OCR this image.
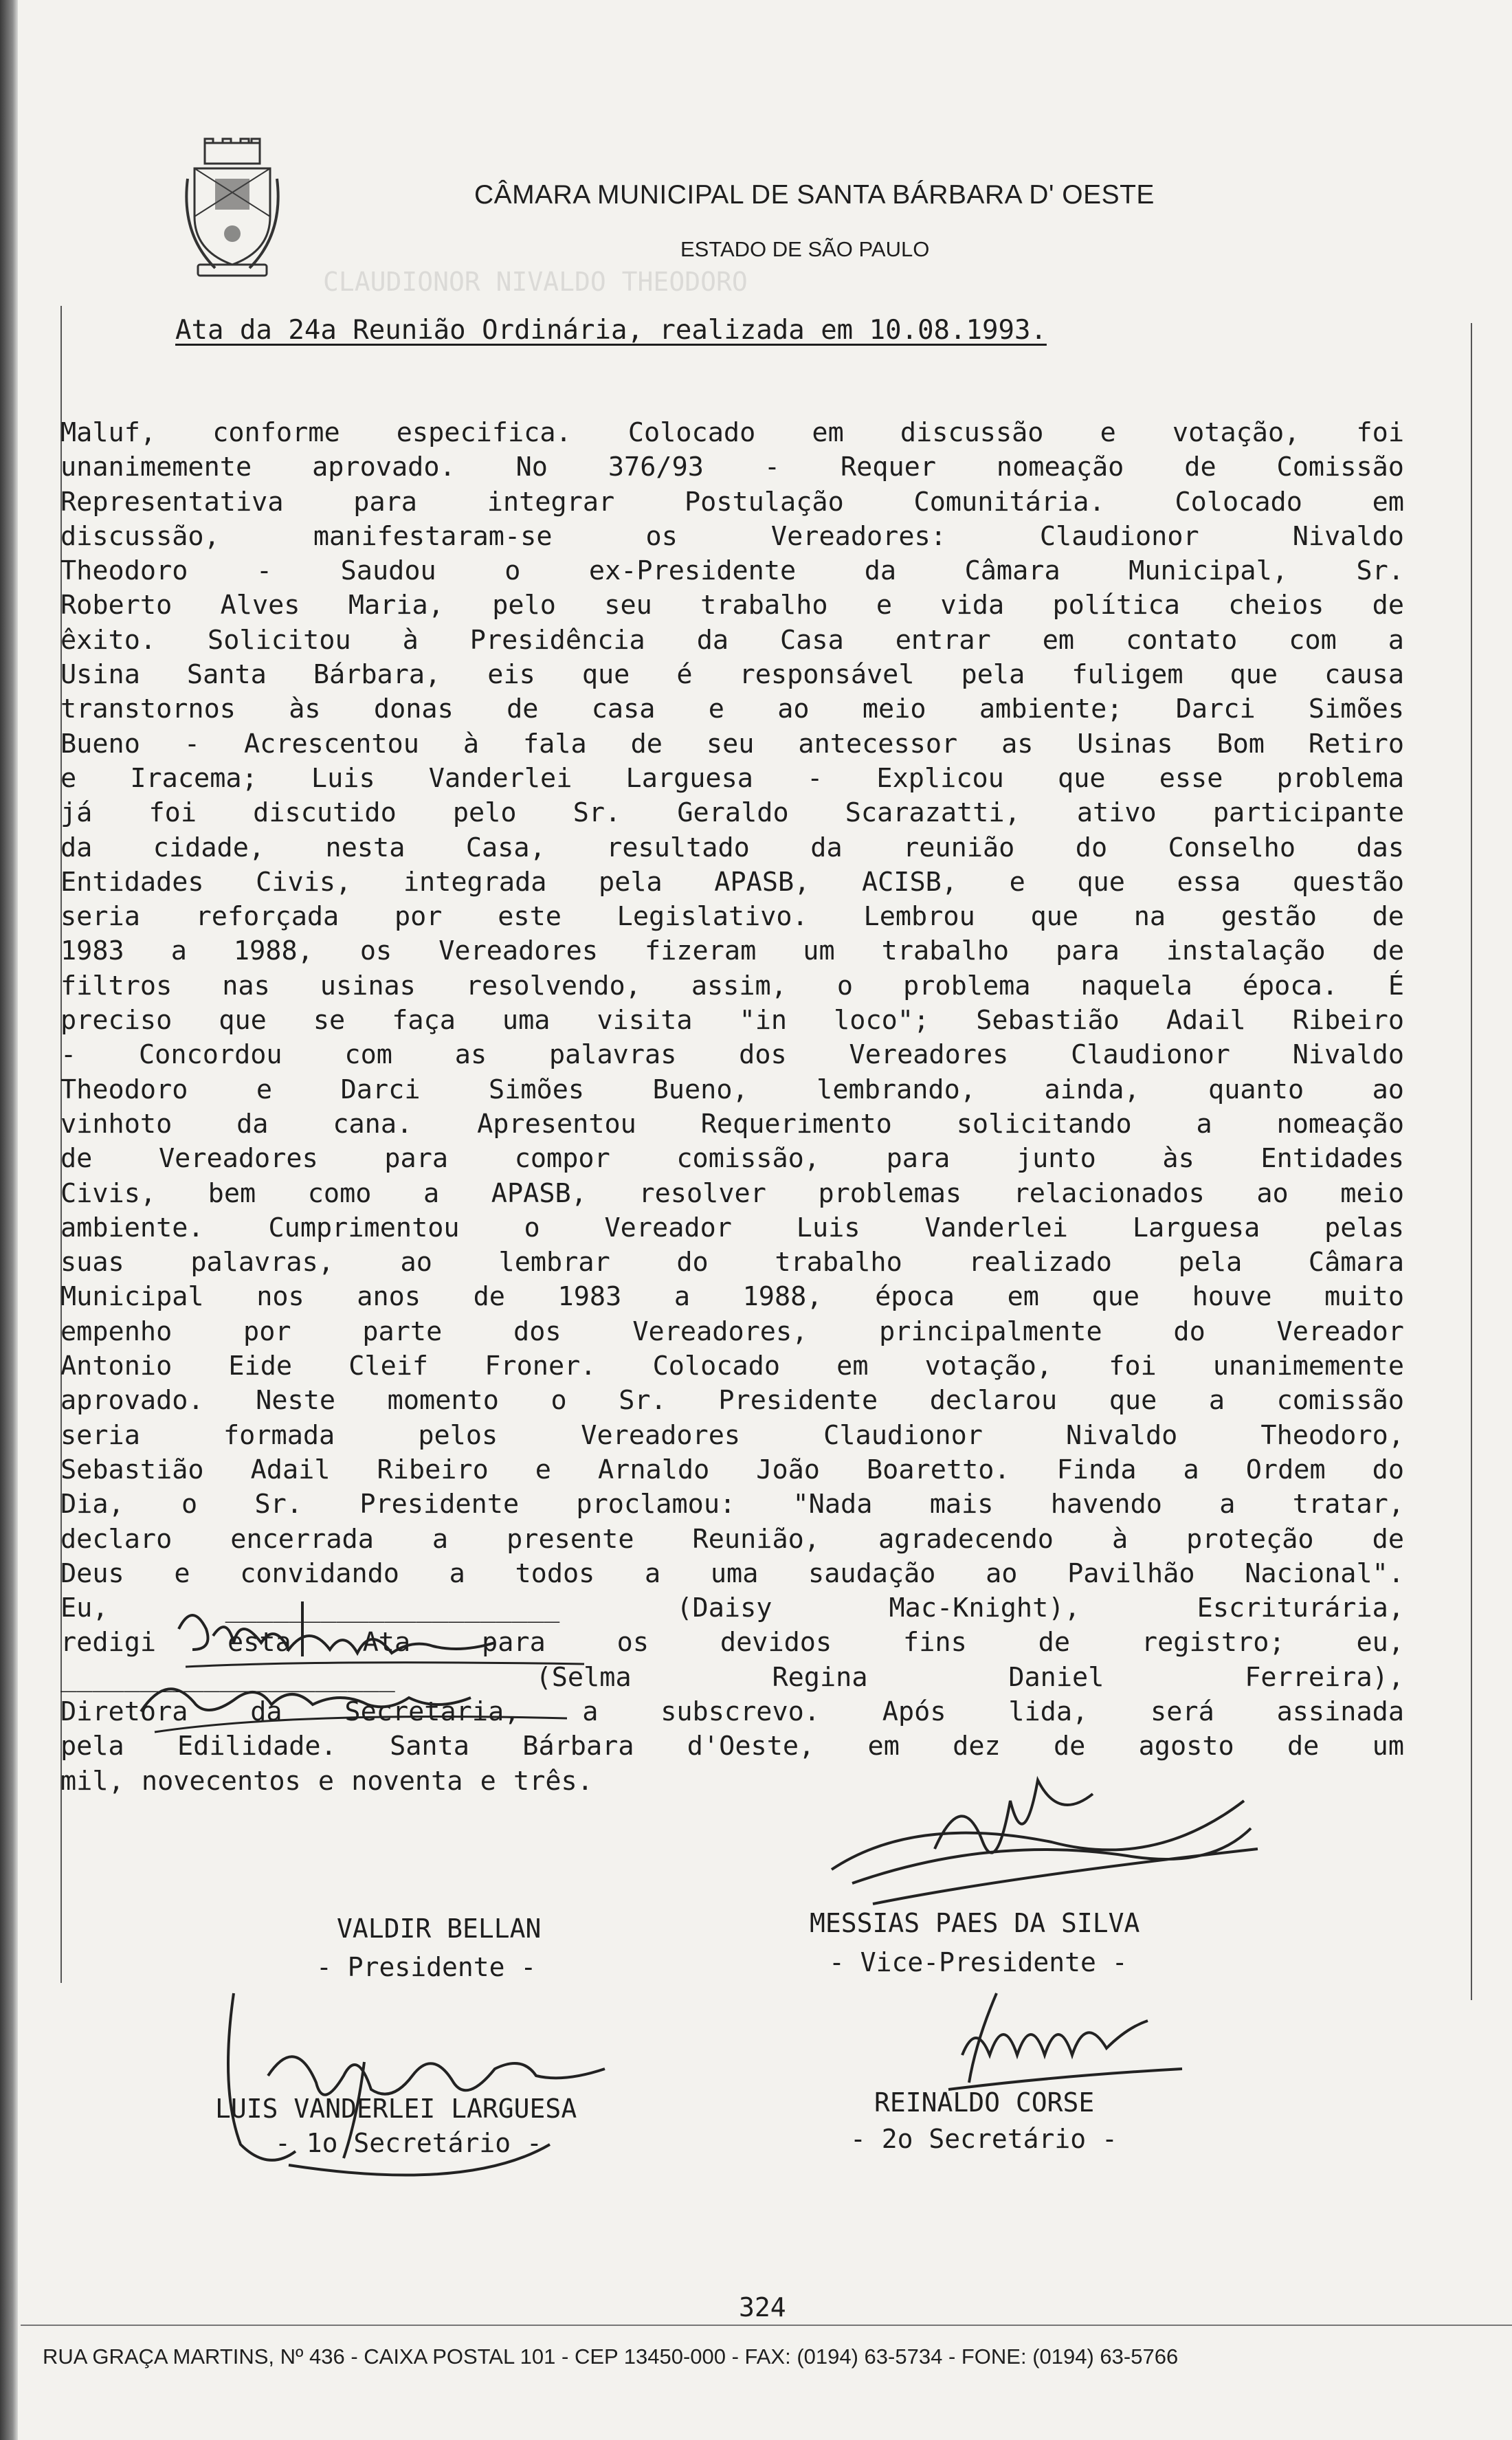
CÂMARA MUNICIPAL DE SANTA BÁRBARA D' OESTE
ESTADO DE SÃO PAULO
Ata da 24a Reunião Ordinária, realizada em 10.08.1993.
CLAUDIONOR NIVALDO THEODORO
Maluf, conforme especifica. Colocado em discussão e votação, foi
unanimemente aprovado. No 376/93 - Requer nomeação de Comissão
Representativa para integrar Postulação Comunitária. Colocado em
discussão, manifestaram-se os Vereadores: Claudionor Nivaldo
Theodoro - Saudou o ex-Presidente da Câmara Municipal, Sr.
Roberto Alves Maria, pelo seu trabalho e vida política cheios de
êxito. Solicitou à Presidência da Casa entrar em contato com a
Usina Santa Bárbara, eis que é responsável pela fuligem que causa
transtornos às donas de casa e ao meio ambiente; Darci Simões
Bueno - Acrescentou à fala de seu antecessor as Usinas Bom Retiro
e Iracema; Luis Vanderlei Larguesa - Explicou que esse problema
já foi discutido pelo Sr. Geraldo Scarazatti, ativo participante
da cidade, nesta Casa, resultado da reunião do Conselho das
Entidades Civis, integrada pela APASB, ACISB, e que essa questão
seria reforçada por este Legislativo. Lembrou que na gestão de
1983 a 1988, os Vereadores fizeram um trabalho para instalação de
filtros nas usinas resolvendo, assim, o problema naquela época. É
preciso que se faça uma visita "in loco"; Sebastião Adail Ribeiro
- Concordou com as palavras dos Vereadores Claudionor Nivaldo
Theodoro e Darci Simões Bueno, lembrando, ainda, quanto ao
vinhoto da cana. Apresentou Requerimento solicitando a nomeação
de Vereadores para compor comissão, para junto às Entidades
Civis, bem como a APASB, resolver problemas relacionados ao meio
ambiente. Cumprimentou o Vereador Luis Vanderlei Larguesa pelas
suas palavras, ao lembrar do trabalho realizado pela Câmara
Municipal nos anos de 1983 a 1988, época em que houve muito
empenho por parte dos Vereadores, principalmente do Vereador
Antonio Eide Cleif Froner. Colocado em votação, foi unanimemente
aprovado. Neste momento o Sr. Presidente declarou que a comissão
seria formada pelos Vereadores Claudionor Nivaldo Theodoro,
Sebastião Adail Ribeiro e Arnaldo João Boaretto. Finda a Ordem do
Dia, o Sr. Presidente proclamou: "Nada mais havendo a tratar,
declaro encerrada a presente Reunião, agradecendo à proteção de
Deus e convidando a todos a uma saudação ao Pavilhão Nacional".
Eu, _____________________ (Daisy Mac-Knight), Escriturária,
redigi esta Ata para os devidos fins de registro; eu,
_____________________ (Selma Regina Daniel Ferreira),
Diretora da Secretaria, a subscrevo. Após lida, será assinada
pela Edilidade. Santa Bárbara d'Oeste, em dez de agosto de um
mil, novecentos e noventa e três.
VALDIR BELLAN
- Presidente -
MESSIAS PAES DA SILVA
- Vice-Presidente -
LUIS VANDERLEI LARGUESA
- 1o Secretário -
REINALDO CORSE
- 2o Secretário -
324
RUA GRAÇA MARTINS, Nº 436 - CAIXA POSTAL 101 - CEP 13450-000 - FAX: (0194) 63-5734 - FONE: (0194) 63-5766
